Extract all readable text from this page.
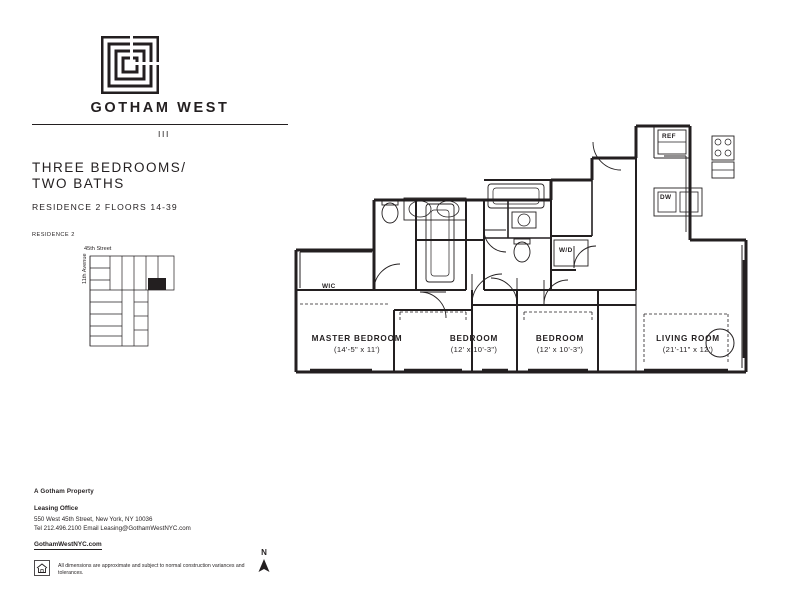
GOTHAM WEST
III
THREE BEDROOMS/
TWO BATHS
RESIDENCE 2 FLOORS 14-39
RESIDENCE 2
45th Street
11th Avenue
A Gotham Property
Leasing Office
550 West 45th Street, New York, NY 10036
Tel 212.496.2100 Email Leasing@GothamWestNYC.com
GothamWestNYC.com
All dimensions are approximate and subject to normal construction variances and tolerances.
N
MASTER BEDROOM
(14'-5" x 11')
BEDROOM
(12' x 10'-3")
BEDROOM
(12' x 10'-3")
LIVING ROOM
(21'-11" x 12')
WIC
W/D
REF
DW
